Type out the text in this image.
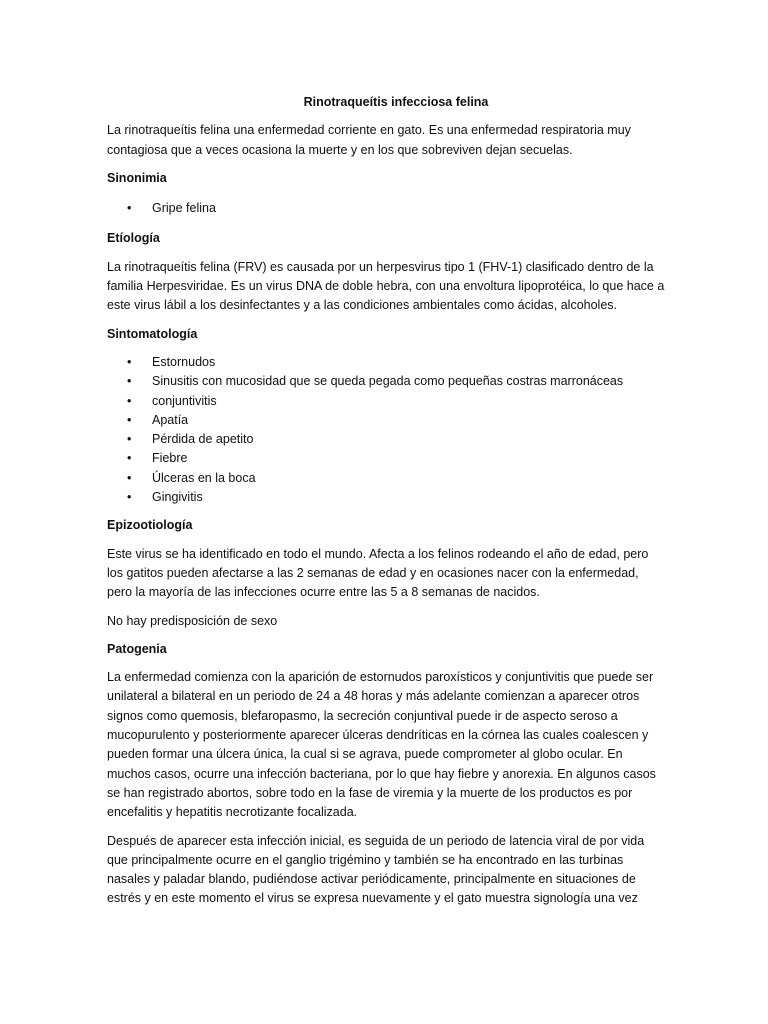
Rinotraqueítis infecciosa felina

La rinotraqueítis felina una enfermedad corriente en gato. Es una enfermedad respiratoria muy contagiosa que a veces ocasiona la muerte y en los que sobreviven dejan secuelas.

Sinonimia
• Gripe felina
Etíología

La rinotraqueítis felina (FRV) es causada por un herpesvirus tipo 1 (FHV-1) clasificado dentro de la familia Herpesviridae. Es un virus DNA de doble hebra, con una envoltura lipoprotéica, lo que hace a este virus lábil a los desinfectantes y a las condiciones ambientales como ácidas, alcoholes.

Sintomatología
• Estornudos
• Sinusitis con mucosidad que se queda pegada como pequeñas costras marronáceas
• conjuntivitis
• Apatía
• Pérdida de apetito
• Fiebre
• Úlceras en la boca
• Gingivitis
Epizootiología

Este virus se ha identificado en todo el mundo. Afecta a los felinos rodeando el año de edad, pero los gatitos pueden afectarse a las 2 semanas de edad y en ocasiones nacer con la enfermedad, pero la mayoría de las infecciones ocurre entre las 5 a 8 semanas de nacidos.

No hay predisposición de sexo

Patogenia

La enfermedad comienza con la aparición de estornudos paroxísticos y conjuntivitis que puede ser unilateral a bilateral en un periodo de 24 a 48 horas y más adelante comienzan a aparecer otros signos como quemosis, blefaropasmo, la secreción conjuntival puede ir de aspecto seroso a mucopurulento y posteriormente aparecer úlceras dendríticas en la córnea las cuales coalescen y pueden formar una úlcera única, la cual si se agrava, puede comprometer al globo ocular. En muchos casos, ocurre una infección bacteriana, por lo que hay fiebre y anorexia. En algunos casos se han registrado abortos, sobre todo en la fase de viremia y la muerte de los productos es por encefalitis y hepatitis necrotizante focalizada.

Después de aparecer esta infección inicial, es seguida de un periodo de latencia viral de por vida que principalmente ocurre en el ganglio trigémino y también se ha encontrado en las turbinas nasales y paladar blando, pudiéndose activar periódicamente, principalmente en situaciones de estrés y en este momento el virus se expresa nuevamente y el gato muestra signología una vez
